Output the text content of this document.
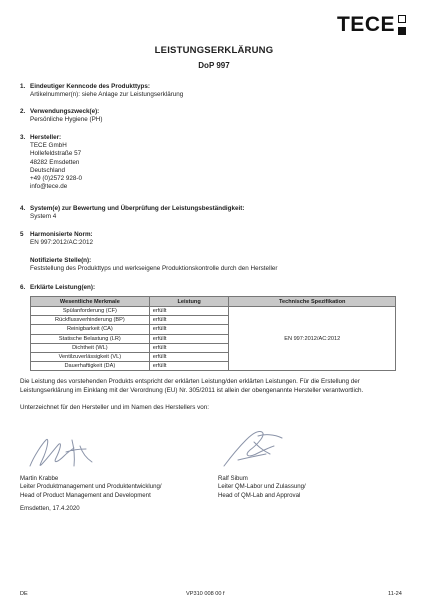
TECE
LEISTUNGSERKLÄRUNG
DoP 997
1. Eindeutiger Kenncode des Produkttyps:
Artikelnummer(n): siehe Anlage zur Leistungserklärung
2. Verwendungszweck(e):
Persönliche Hygiene (PH)
3. Hersteller:
TECE GmbH
Hollefeldstraße 57
48282 Emsdetten
Deutschland
+49 (0)2572 928-0
info@tece.de
4. System(e) zur Bewertung und Überprüfung der Leistungsbeständigkeit:
System 4
5 Harmonisierte Norm:
EN 997:2012/AC:2012
Notifizierte Stelle(n):
Feststellung des Produkttyps und werkseigene Produktionskontrolle durch den Hersteller
6. Erklärte Leistung(en):
Wesentliche Merkmale	Leistung	Technische Spezifikation
Spülanforderung (CF)	erfüllt	EN 997:2012/AC:2012
Rückflussverhinderung (BP)	erfüllt	
Reinigbarkeit (CA)	erfüllt	
Statische Belastung (LR)	erfüllt	
Dichtheit (WL)	erfüllt	
Ventilzuverlässigkeit (VL)	erfüllt	
Dauerhaftigkeit (DA)	erfüllt	
Die Leistung des vorstehenden Produkts entspricht der erklärten Leistung/den erklärten Leistungen. Für die Erstellung der Leistungserklärung im Einklang mit der Verordnung (EU) Nr. 305/2011 ist allein der obengenannte Hersteller verantwortlich.
Unterzeichnet für den Hersteller und im Namen des Herstellers von:
Martin Krabbe
Leiter Produktmanagement und Produktentwicklung/
Head of Product Management and Development
Ralf Sibum
Leiter QM-Labor und Zulassung/
Head of QM-Lab and Approval
Emsdetten, 17.4.2020
DE	VP310 008 00 f	11-24
